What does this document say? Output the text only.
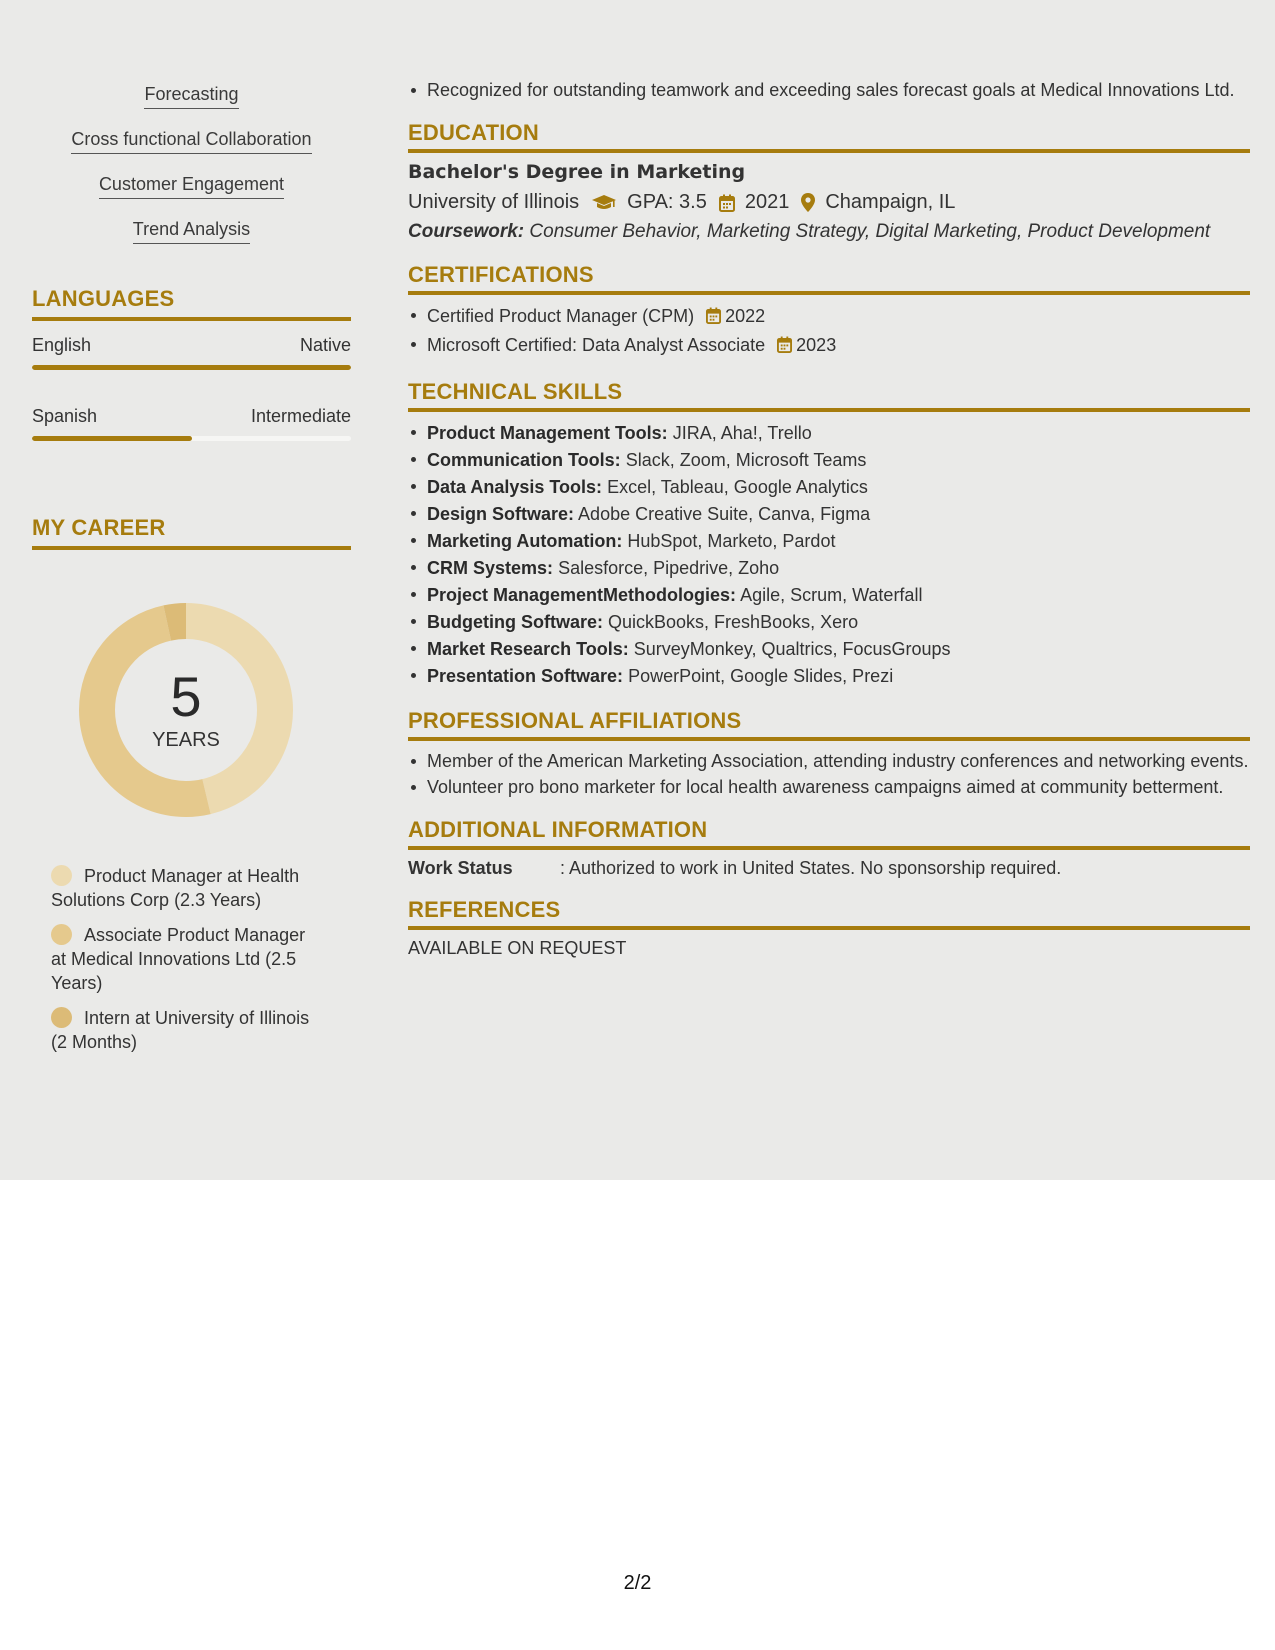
Forecasting
Cross functional Collaboration
Customer Engagement
Trend Analysis
LANGUAGES
English	Native
Spanish	Intermediate
MY CAREER
5
YEARS
Product Manager at Health Solutions Corp (2.3 Years)
Associate Product Manager at Medical Innovations Ltd (2.5 Years)
Intern at University of Illinois (2 Months)
Recognized for outstanding teamwork and exceeding sales forecast goals at Medical Innovations Ltd.
EDUCATION
Bachelor's Degree in Marketing
University of Illinois GPA: 3.5 2021 Champaign, IL
Coursework: Consumer Behavior, Marketing Strategy, Digital Marketing, Product Development
CERTIFICATIONS
Certified Product Manager (CPM) 2022
Microsoft Certified: Data Analyst Associate 2023
TECHNICAL SKILLS
Product Management Tools: JIRA, Aha!, Trello
Communication Tools: Slack, Zoom, Microsoft Teams
Data Analysis Tools: Excel, Tableau, Google Analytics
Design Software: Adobe Creative Suite, Canva, Figma
Marketing Automation: HubSpot, Marketo, Pardot
CRM Systems: Salesforce, Pipedrive, Zoho
Project ManagementMethodologies: Agile, Scrum, Waterfall
Budgeting Software: QuickBooks, FreshBooks, Xero
Market Research Tools: SurveyMonkey, Qualtrics, FocusGroups
Presentation Software: PowerPoint, Google Slides, Prezi
PROFESSIONAL AFFILIATIONS
Member of the American Marketing Association, attending industry conferences and networking events.
Volunteer pro bono marketer for local health awareness campaigns aimed at community betterment.
ADDITIONAL INFORMATION
Work Status	: Authorized to work in United States. No sponsorship required.
REFERENCES
AVAILABLE ON REQUEST
2/2
